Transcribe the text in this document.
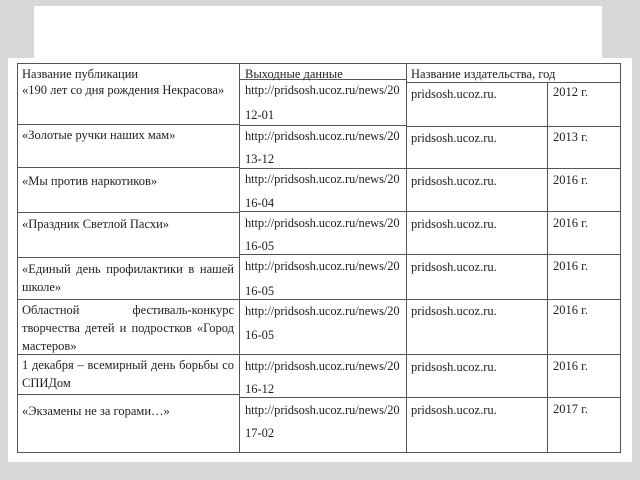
Название публикации	Выходные данные	Название издательства, год
«190 лет со дня рождения Некрасова»
«Золотые ручки наших мам»
«Мы против наркотиков»
«Праздник Светлой Пасхи»
«Единый день профилактики в нашей школе»
Областной фестиваль-конкурс творчества детей и подростков «Город мастеров»
1 декабря – всемирный день борьбы со СПИДом
«Экзамены не за горами…»
http://pridsosh.ucoz.ru/news/20
12-01
http://pridsosh.ucoz.ru/news/20
13-12
http://pridsosh.ucoz.ru/news/20
16-04
http://pridsosh.ucoz.ru/news/20
16-05
http://pridsosh.ucoz.ru/news/20
16-05
http://pridsosh.ucoz.ru/news/20
16-05
http://pridsosh.ucoz.ru/news/20
16-12
http://pridsosh.ucoz.ru/news/20
17-02
pridsosh.ucoz.ru.
pridsosh.ucoz.ru.
pridsosh.ucoz.ru.
pridsosh.ucoz.ru.
pridsosh.ucoz.ru.
pridsosh.ucoz.ru.
pridsosh.ucoz.ru.
pridsosh.ucoz.ru.
2012 г.
2013 г.
2016 г.
2016 г.
2016 г.
2016 г.
2016 г.
2017 г.
